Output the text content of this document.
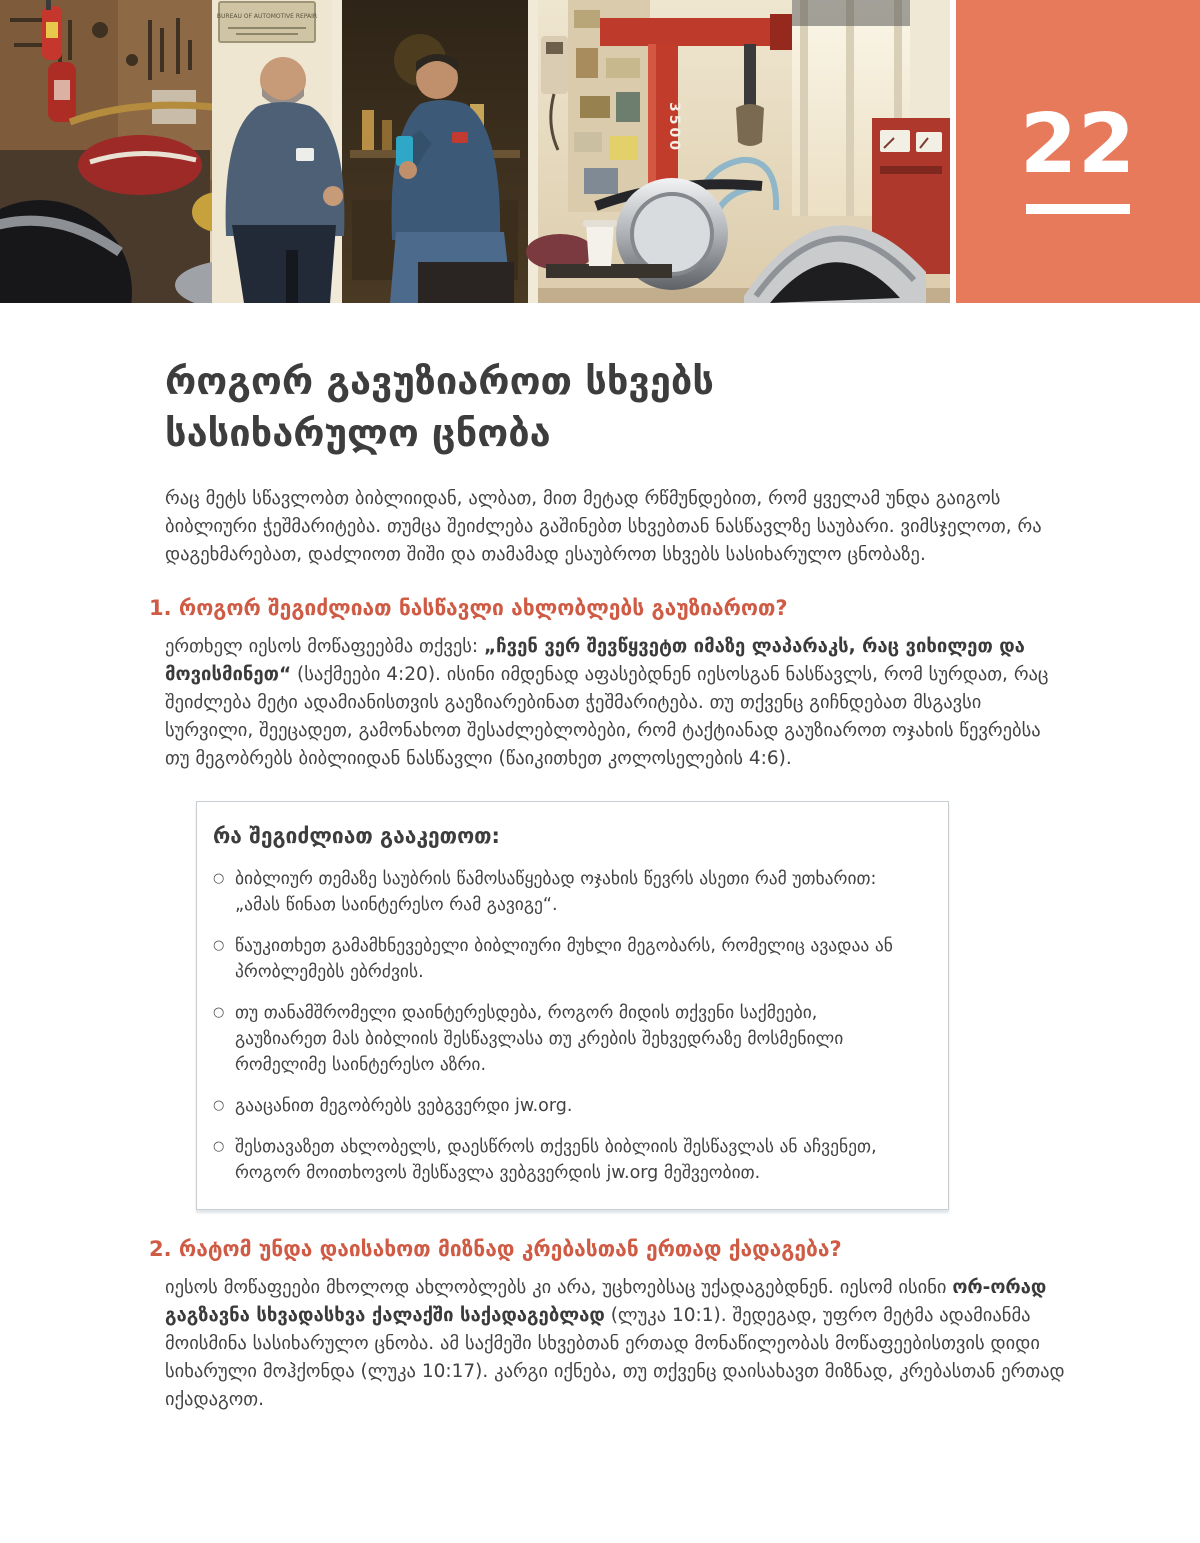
BUREAU OF AUTOMOTIVE REPAIR
3500	22
როგორ გავუზიაროთ სხვებს
სასიხარულო ცნობა

რაც მეტს სწავლობთ ბიბლიიდან, ალბათ, მით მეტად რწმუნდებით, რომ ყველამ უნდა გაიგოს ბიბლიური ჭეშმარიტება. თუმცა შეიძლება გაშინებთ სხვებთან ნასწავლზე საუბარი. ვიმსჯელოთ, რა დაგეხმარებათ, დაძლიოთ შიში და თამამად ესაუბროთ სხვებს სასიხარულო ცნობაზე.

1. როგორ შეგიძლიათ ნასწავლი ახლობლებს გაუზიაროთ?

ერთხელ იესოს მოწაფეებმა თქვეს: „ჩვენ ვერ შევწყვეტთ იმაზე ლაპარაკს, რაც ვიხილეთ და მოვისმინეთ“ (საქმეები 4:20). ისინი იმდენად აფასებდნენ იესოსგან ნასწავლს, რომ სურდათ, რაც შეიძლება მეტი ადამიანისთვის გაეზიარებინათ ჭეშმარიტება. თუ თქვენც გიჩნდებათ მსგავსი სურვილი, შეეცადეთ, გამონახოთ შესაძლებლობები, რომ ტაქტიანად გაუზიაროთ ოჯახის წევრებსა თუ მეგობრებს ბიბლიიდან ნასწავლი (წაიკითხეთ კოლოსელების 4:6).

რა შეგიძლიათ გააკეთოთ:
○ ბიბლიურ თემაზე საუბრის წამოსაწყებად ოჯახის წევრს ასეთი რამ უთხარით: „ამას წინათ საინტერესო რამ გავიგე“.
○ წაუკითხეთ გამამხნევებელი ბიბლიური მუხლი მეგობარს, რომელიც ავადაა ან პრობლემებს ებრძვის.
○ თუ თანამშრომელი დაინტერესდება, როგორ მიდის თქვენი საქმეები, გაუზიარეთ მას ბიბლიის შესწავლასა თუ კრების შეხვედრაზე მოსმენილი რომელიმე საინტერესო აზრი.
○ გააცანით მეგობრებს ვებგვერდი jw.org.
○ შესთავაზეთ ახლობელს, დაესწროს თქვენს ბიბლიის შესწავლას ან აჩვენეთ, როგორ მოითხოვოს შესწავლა ვებგვერდის jw.org მეშვეობით.
2. რატომ უნდა დაისახოთ მიზნად კრებასთან ერთად ქადაგება?

იესოს მოწაფეები მხოლოდ ახლობლებს კი არა, უცხოებსაც უქადაგებდნენ. იესომ ისინი ორ-ორად გაგზავნა სხვადასხვა ქალაქში საქადაგებლად (ლუკა 10:1). შედეგად, უფრო მეტმა ადამიანმა მოისმინა სასიხარულო ცნობა. ამ საქმეში სხვებთან ერთად მონაწილეობას მოწაფეებისთვის დიდი სიხარული მოჰქონდა (ლუკა 10:17). კარგი იქნება, თუ თქვენც დაისახავთ მიზნად, კრებასთან ერთად იქადაგოთ.
